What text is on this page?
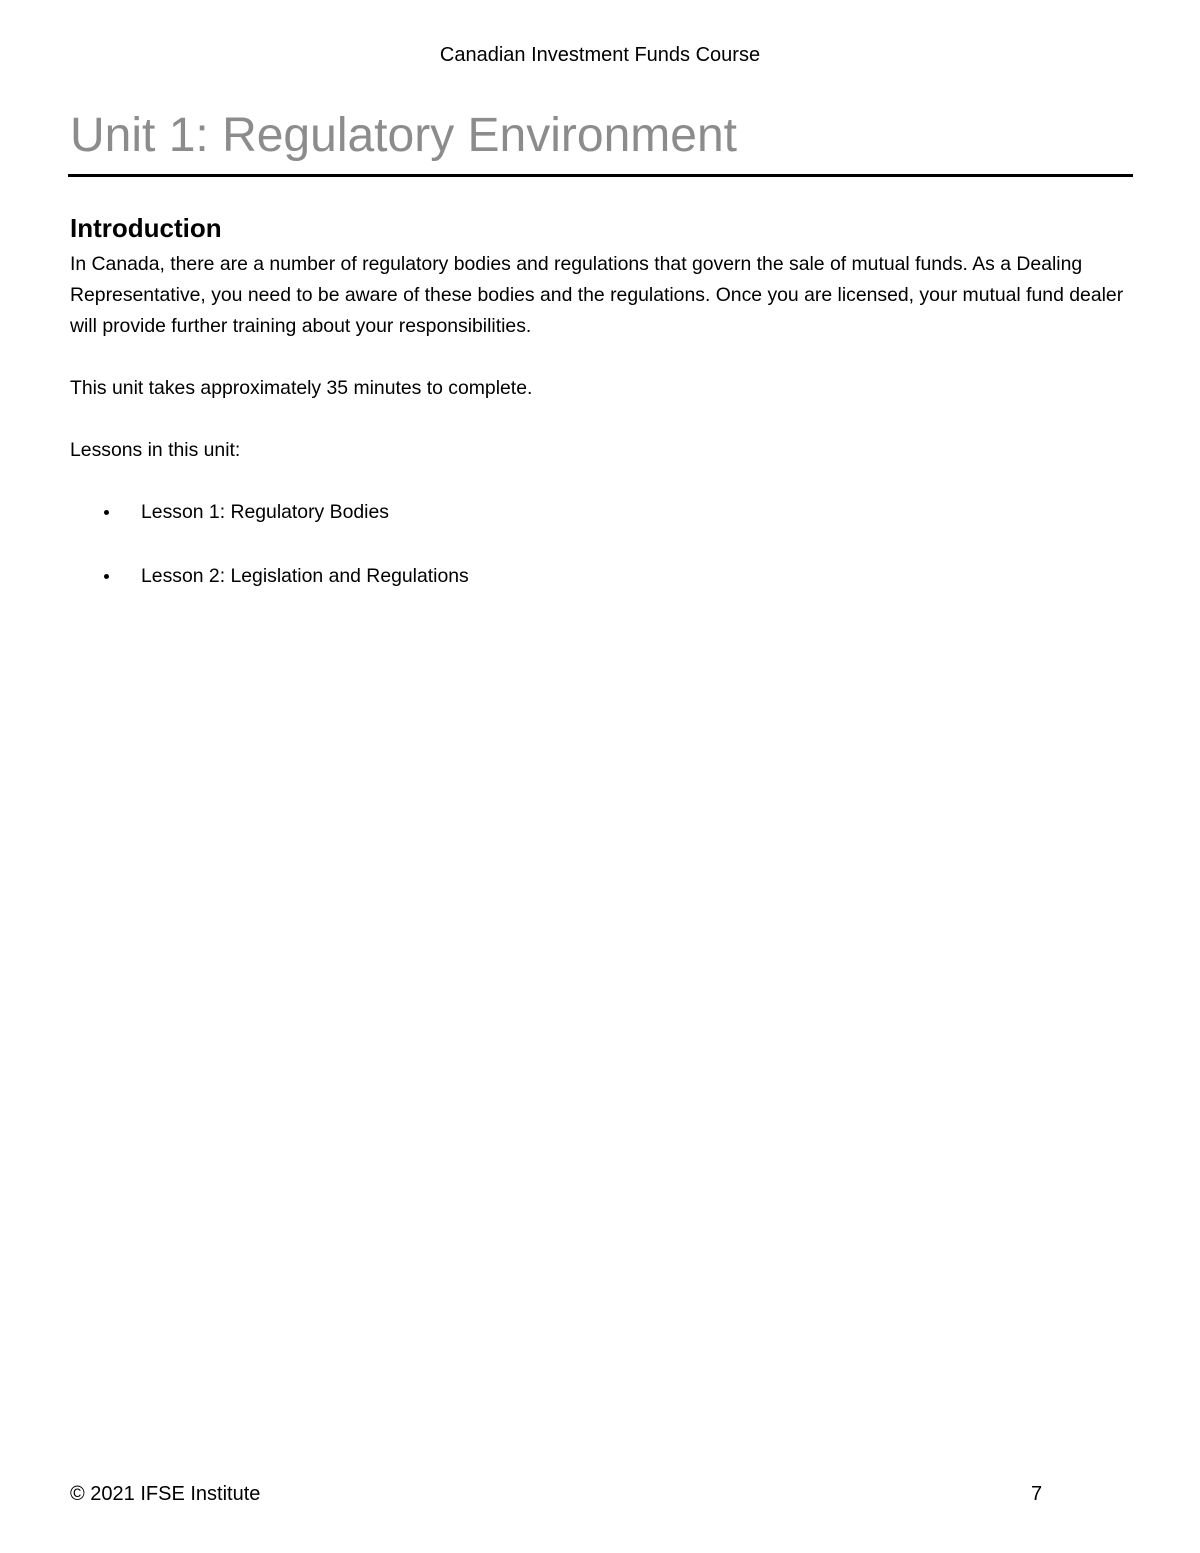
Canadian Investment Funds Course
Unit 1: Regulatory Environment
Introduction

In Canada, there are a number of regulatory bodies and regulations that govern the sale of mutual funds. As a Dealing Representative, you need to be aware of these bodies and the regulations. Once you are licensed, your mutual fund dealer will provide further training about your responsibilities.

This unit takes approximately 35 minutes to complete.
Lessons in this unit:
Lesson 1: Regulatory Bodies
Lesson 2: Legislation and Regulations
© 2021 IFSE Institute	7
